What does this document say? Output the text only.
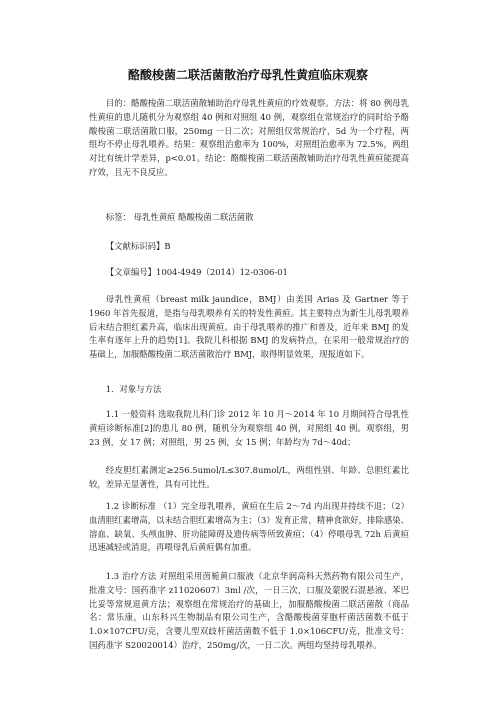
酪酸梭菌二联活菌散治疗母乳性黄疸临床观察

目的：酪酸梭菌二联活菌散辅助治疗母乳性黄疸的疗效观察。方法：将 80 例母乳性黄疸的患儿随机分为观察组 40 例和对照组 40 例，观察组在常规治疗的同时给予酪酸梭菌二联活菌散口服，250mg 一日二次；对照组仅常规治疗，5d 为一个疗程，两组均不停止母乳喂养。结果：观察组治愈率为 100%，对照组治愈率为 72.5%，两组对比有统计学差异，p<0.01。结论：酪酸梭菌二联活菌散辅助治疗母乳性黄疸能提高疗效，且无不良反应。

标签： 母乳性黄疸 酪酸梭菌二联活菌散

【文献标识码】B

【文章编号】1004-4949（2014）12-0306-01

母乳性黄疸（breast milk jaundice，BMJ）由美国 Arias 及 Gartner 等于 1960 年首先报道，是指与母乳喂养有关的特发性黄疸。其主要特点为新生儿母乳喂养后未结合胆红素升高，临床出现黄疸。由于母乳喂养的推广和普及，近年来 BMJ 的发生率有逐年上升的趋势[1]。我院儿科根据 BMJ 的发病特点，在采用一般常规治疗的基础上，加服酪酸梭菌二联活菌散治疗 BMJ，取得明显效果，现报道如下。

1．对象与方法

1.1 一般资料 选取我院儿科门诊 2012 年 10 月～2014 年 10 月期间符合母乳性黄疸诊断标准[2]的患儿 80 例，随机分为观察组 40 例，对照组 40 例。观察组，男 23 例，女 17 例；对照组，男 25 例，女 15 例；年龄均为 7d～40d；

经皮胆红素测定≥256.5umol/L≤307.8umol/L，两组性别、年龄、总胆红素比较，差异无显著性，具有可比性。

1.2 诊断标准 （1）完全母乳喂养，黄疸在生后 2～7d 内出现并持续不退；（2）血清胆红素增高，以未结合胆红素增高为主；（3）发育正常，精神食欲好，排除感染、溶血、缺氧、头颅血肿、肝功能障碍及遗传病等所致黄疸；（4）停喂母乳 72h 后黄疸迅速减轻或消退，再喂母乳后黄疸偶有加重。

1.3 治疗方法 对照组采用茵栀黄口服液（北京华润高科天然药物有限公司生产，批准文号：国药准字 z11020607）3ml /次，一日三次，口服及蒙脱石混悬液、苯巴比妥等常规退黄方法；观察组在常规治疗的基础上，加服酪酸梭菌二联活菌散（商品名：常乐康，山东科兴生物制品有限公司生产，含酪酸梭菌芽胞杆菌活菌数不低于 1.0×107CFU/克，含婴儿型双歧杆菌活菌数不低于 1.0×106CFU/克，批准文号：国药准字 S20020014）治疗，250mg/次，一日二次。两组均坚持母乳喂养。
